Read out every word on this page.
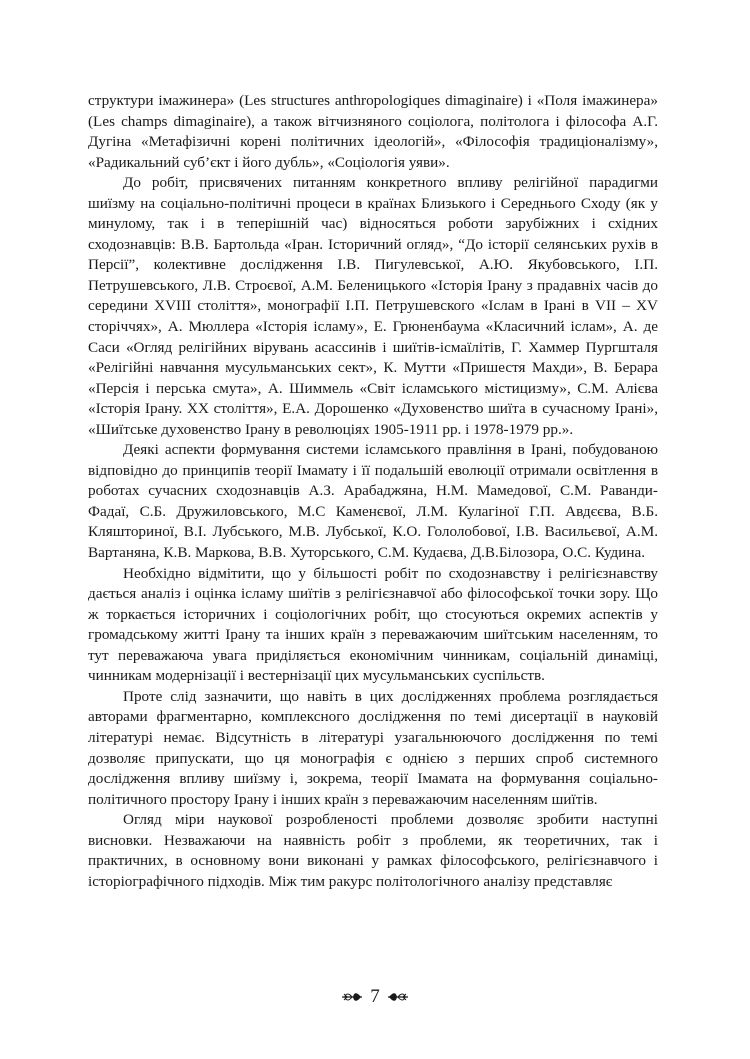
структури імажинера» (Les structures anthropologiques dimaginaire) і «Поля імажинера» (Les champs dimaginaire), а також вітчизняного соціолога, політолога і філософа А.Г. Дугіна «Метафізичні корені політичних ідеологій», «Філософія традиціоналізму», «Радикальний суб’єкт і його дубль», «Соціологія уяви».

До робіт, присвячених питанням конкретного впливу релігійної парадигми шиїзму на соціально-політичні процеси в країнах Близького і Середнього Сходу (як у минулому, так і в теперішній час) відносяться роботи зарубіжних і східних сходознавців: В.В. Бартольда «Іран. Історичний огляд», “До історії селянських рухів в Персії”, колективне дослідження І.В. Пигулевської, А.Ю. Якубовського, І.П. Петрушевського, Л.В. Строєвої, А.М. Беленицького «Історія Ірану з прадавніх часів до середини XVIII століття», монографії І.П. Петрушевского «Іслам в Ірані в VII – XV сторіччях», А. Мюллера «Історія ісламу», Е. Грюненбаума «Класичний іслам», А. де Саси «Огляд релігійних вірувань асассинів і шиїтів-ісмаїлітів, Г. Хаммер Пургшталя «Релігійні навчання мусульманських сект», К. Мутти «Пришестя Махди», В. Берара «Персія і перська смута», А. Шиммель «Світ ісламського містицизму», С.М. Алієва «Історія Ірану. ХХ століття», Е.А. Дорошенко «Духовенство шиїта в сучасному Ірані», «Шиїтське духовенство Ірану в революціях 1905-1911 рр. і 1978-1979 рр.».

Деякі аспекти формування системи ісламського правління в Ірані, побудованою відповідно до принципів теорії Імамату і її подальшій еволюції отримали освітлення в роботах сучасних сходознавців А.З. Арабаджяна, Н.М. Мамедової, С.М. Раванди-Фадаї, С.Б. Дружиловського, М.С Каменєвої, Л.М. Кулагіної Г.П. Авдєєва, В.Б. Кляшториної, В.І. Лубського, М.В. Лубської, К.О. Гололобової, І.В. Васильєвої, А.М. Вартаняна, К.В. Маркова, В.В. Хуторського, С.М. Кудаєва, Д.В.Білозора, О.С. Кудина.

Необхідно відмітити, що у більшості робіт по сходознавству і релігієзнавству дається аналіз і оцінка ісламу шиїтів з релігієзнавчої або філософської точки зору. Що ж торкається історичних і соціологічних робіт, що стосуються окремих аспектів у громадському житті Ірану та інших країн з переважаючим шиїтським населенням, то тут переважаюча увага приділяється економічним чинникам, соціальній динаміці, чинникам модернізації і вестернізації цих мусульманських суспільств.

Проте слід зазначити, що навіть в цих дослідженнях проблема розглядається авторами фрагментарно, комплексного дослідження по темі дисертації в науковій літературі немає. Відсутність в літературі узагальнюючого дослідження по темі дозволяє припускати, що ця монографія є однією з перших спроб системного дослідження впливу шиїзму і, зокрема, теорії Імамата на формування соціально-політичного простору Ірану і інших країн з переважаючим населенням шиїтів.

Огляд міри наукової розробленості проблеми дозволяє зробити наступні висновки. Незважаючи на наявність робіт з проблеми, як теоретичних, так і практичних, в основному вони виконані у рамках філософського, релігієзнавчого і історіографічного підходів. Між тим ракурс політологічного аналізу представляє

7
